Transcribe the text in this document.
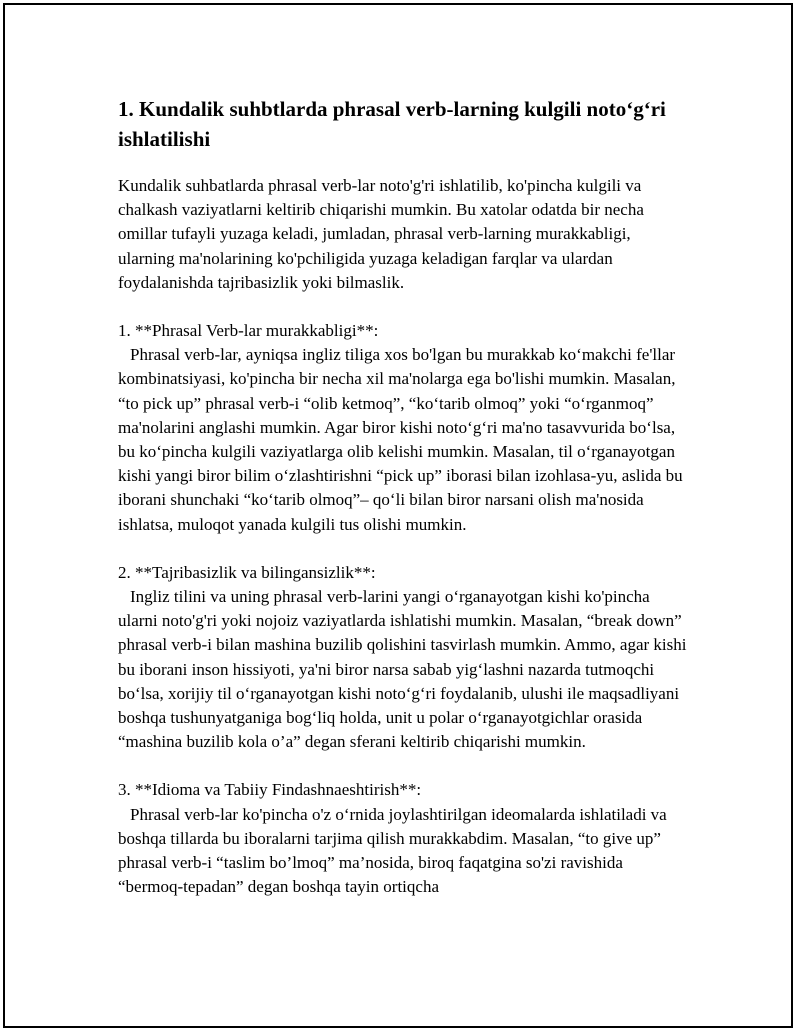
1. Kundalik suhbtlarda phrasal verb-larning kulgili noto‘g‘ri ishlatilishi

Kundalik suhbatlarda phrasal verb-lar noto'g'ri ishlatilib, ko'pincha kulgili va chalkash vaziyatlarni keltirib chiqarishi mumkin. Bu xatolar odatda bir necha omillar tufayli yuzaga keladi, jumladan, phrasal verb-larning murakkabligi, ularning ma'nolarining ko'pchiligida yuzaga keladigan farqlar va ulardan foydalanishda tajribasizlik yoki bilmaslik.

1. **Phrasal Verb-lar murakkabligi**:

Phrasal verb-lar, ayniqsa ingliz tiliga xos bo'lgan bu murakkab ko‘makchi fe'llar kombinatsiyasi, ko'pincha bir necha xil ma'nolarga ega bo'lishi mumkin. Masalan, “to pick up” phrasal verb-i “olib ketmoq”, “ko‘tarib olmoq” yoki “o‘rganmoq” ma'nolarini anglashi mumkin. Agar biror kishi noto‘g‘ri ma'no tasavvurida bo‘lsa, bu ko‘pincha kulgili vaziyatlarga olib kelishi mumkin. Masalan, til o‘rganayotgan kishi yangi biror bilim o‘zlashtirishni “pick up” iborasi bilan izohlasa-yu, aslida bu iborani shunchaki “ko‘tarib olmoq”– qo‘li bilan biror narsani olish ma'nosida ishlatsa, muloqot yanada kulgili tus olishi mumkin.

2. **Tajribasizlik va bilingansizlik**:

Ingliz tilini va uning phrasal verb-larini yangi o‘rganayotgan kishi ko'pincha ularni noto'g'ri yoki nojoiz vaziyatlarda ishlatishi mumkin. Masalan, “break down” phrasal verb-i bilan mashina buzilib qolishini tasvirlash mumkin. Ammo, agar kishi bu iborani inson hissiyoti, ya'ni biror narsa sabab yig‘lashni nazarda tutmoqchi bo‘lsa, xorijiy til o‘rganayotgan kishi noto‘g‘ri foydalanib, ulushi ile maqsadliyani boshqa tushunyatganiga bog‘liq holda, unit u polar o‘rganayotgichlar orasida “mashina buzilib kola o’a” degan sferani keltirib chiqarishi mumkin.

3. **Idioma va Tabiiy Findashnaeshtirish**:

Phrasal verb-lar ko'pincha o'z o‘rnida joylashtirilgan ideomalarda ishlatiladi va boshqa tillarda bu iboralarni tarjima qilish murakkabdim. Masalan, “to give up” phrasal verb-i “taslim bo’lmoq” ma’nosida, biroq faqatgina so'zi ravishida “bermoq-tepadan” degan boshqa tayin ortiqcha
